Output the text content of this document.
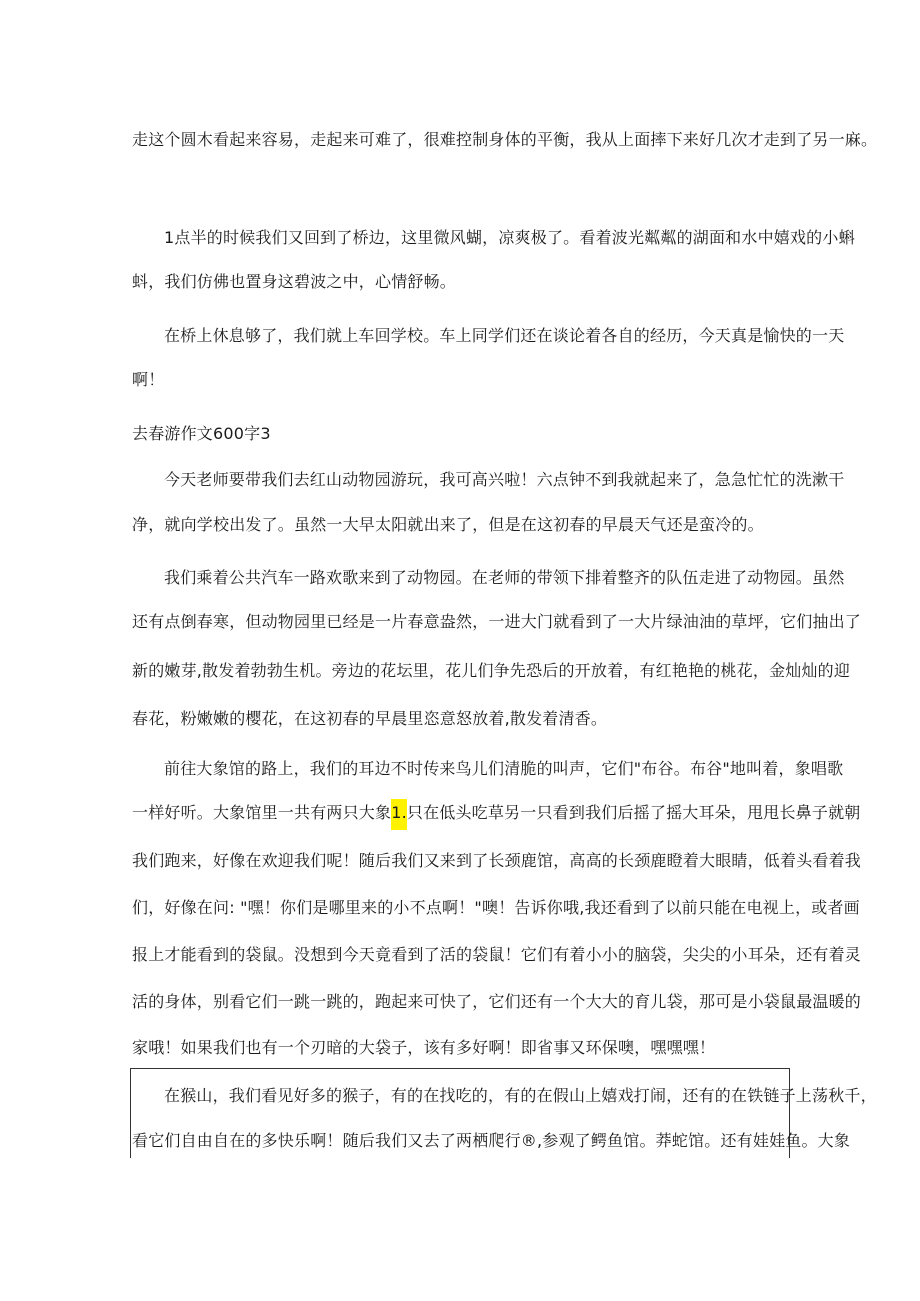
走这个圆木看起来容易，走起来可难了，很难控制身体的平衡，我从上面摔下来好几次才走到了另一麻。
1点半的时候我们又回到了桥边，这里微风蝴，凉爽极了。看着波光粼粼的湖面和水中嬉戏的小蝌
蚪，我们仿佛也置身这碧波之中，心情舒畅。
在桥上休息够了，我们就上车回学校。车上同学们还在谈论着各自的经历，今天真是愉快的一天
啊！
去春游作文600字3
今天老师要带我们去红山动物园游玩，我可高兴啦！六点钟不到我就起来了，急急忙忙的洗漱干
净，就向学校出发了。虽然一大早太阳就出来了，但是在这初春的早晨天气还是蛮冷的。
我们乘着公共汽车一路欢歌来到了动物园。在老师的带领下排着整齐的队伍走进了动物园。虽然
还有点倒春寒，但动物园里已经是一片春意盎然，一进大门就看到了一大片绿油油的草坪，它们抽出了
新的嫩芽,散发着勃勃生机。旁边的花坛里，花儿们争先恐后的开放着，有红艳艳的桃花，金灿灿的迎
春花，粉嫩嫩的樱花，在这初春的早晨里恣意怒放着,散发着清香。
前往大象馆的路上，我们的耳边不时传来鸟儿们清脆的叫声，它们"布谷。布谷"地叫着，象唱歌
一样好听。大象馆里一共有两只大象1.只在低头吃草另一只看到我们后摇了摇大耳朵，甩甩长鼻子就朝
我们跑来，好像在欢迎我们呢！随后我们又来到了长颈鹿馆，高高的长颈鹿瞪着大眼睛，低着头看着我
们，好像在问: "嘿！你们是哪里来的小不点啊！"噢！告诉你哦,我还看到了以前只能在电视上，或者画
报上才能看到的袋鼠。没想到今天竟看到了活的袋鼠！它们有着小小的脑袋，尖尖的小耳朵，还有着灵
活的身体，别看它们一跳一跳的，跑起来可快了，它们还有一个大大的育儿袋，那可是小袋鼠最温暖的
家哦！如果我们也有一个刃暗的大袋子，该有多好啊！即省事又环保噢，嘿嘿嘿！
在猴山，我们看见好多的猴子，有的在找吃的，有的在假山上嬉戏打闹，还有的在铁链子上荡秋千，
看它们自由自在的多快乐啊！随后我们又去了两栖爬行®,参观了鳄鱼馆。莽蛇馆。还有娃娃鱼。大象
